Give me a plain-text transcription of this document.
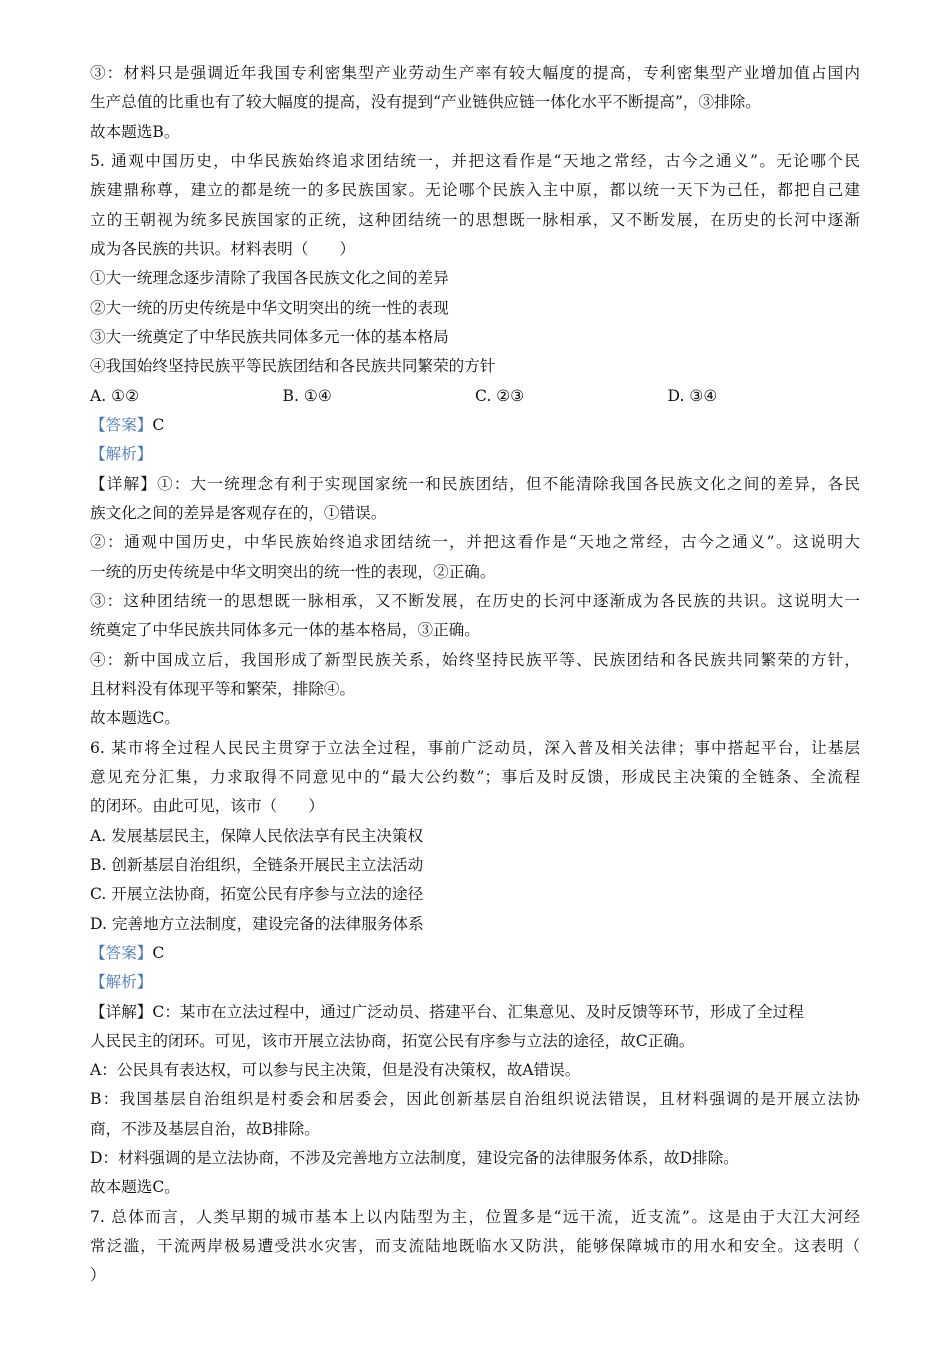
③：材料只是强调近年我国专利密集型产业劳动生产率有较大幅度的提高，专利密集型产业增加值占国内
生产总值的比重也有了较大幅度的提高，没有提到“产业链供应链一体化水平不断提高”，③排除。
故本题选B。
5. 通观中国历史，中华民族始终追求团结统一，并把这看作是“天地之常经，古今之通义”。无论哪个民
族建鼎称尊，建立的都是统一的多民族国家。无论哪个民族入主中原，都以统一天下为己任，都把自己建
立的王朝视为统多民族国家的正统，这种团结统一的思想既一脉相承，又不断发展，在历史的长河中逐渐
成为各民族的共识。材料表明（　　）
①大一统理念逐步清除了我国各民族文化之间的差异
②大一统的历史传统是中华文明突出的统一性的表现
③大一统奠定了中华民族共同体多元一体的基本格局
④我国始终坚持民族平等民族团结和各民族共同繁荣的方针
A. ①②	B. ①④	C. ②③	D. ③④
【答案】C
【解析】
【详解】①：大一统理念有利于实现国家统一和民族团结，但不能清除我国各民族文化之间的差异，各民
族文化之间的差异是客观存在的，①错误。
②：通观中国历史，中华民族始终追求团结统一，并把这看作是“天地之常经，古今之通义”。这说明大
一统的历史传统是中华文明突出的统一性的表现，②正确。
③：这种团结统一的思想既一脉相承，又不断发展，在历史的长河中逐渐成为各民族的共识。这说明大一
统奠定了中华民族共同体多元一体的基本格局，③正确。
④：新中国成立后，我国形成了新型民族关系，始终坚持民族平等、民族团结和各民族共同繁荣的方针，
且材料没有体现平等和繁荣，排除④。
故本题选C。
6. 某市将全过程人民民主贯穿于立法全过程，事前广泛动员，深入普及相关法律；事中搭起平台，让基层
意见充分汇集，力求取得不同意见中的“最大公约数”；事后及时反馈，形成民主决策的全链条、全流程
的闭环。由此可见，该市（　　）
A. 发展基层民主，保障人民依法享有民主决策权
B. 创新基层自治组织，全链条开展民主立法活动
C. 开展立法协商，拓宽公民有序参与立法的途径
D. 完善地方立法制度，建设完备的法律服务体系
【答案】C
【解析】
【详解】C：某市在立法过程中，通过广泛动员、搭建平台、汇集意见、及时反馈等环节，形成了全过程
人民民主的闭环。可见，该市开展立法协商，拓宽公民有序参与立法的途径，故C正确。
A：公民具有表达权，可以参与民主决策，但是没有决策权，故A错误。
B：我国基层自治组织是村委会和居委会，因此创新基层自治组织说法错误，且材料强调的是开展立法协
商，不涉及基层自治，故B排除。
D：材料强调的是立法协商，不涉及完善地方立法制度，建设完备的法律服务体系，故D排除。
故本题选C。
7. 总体而言，人类早期的城市基本上以内陆型为主，位置多是“远干流，近支流”。这是由于大江大河经
常泛滥，干流两岸极易遭受洪水灾害，而支流陆地既临水又防洪，能够保障城市的用水和安全。这表明（
）
